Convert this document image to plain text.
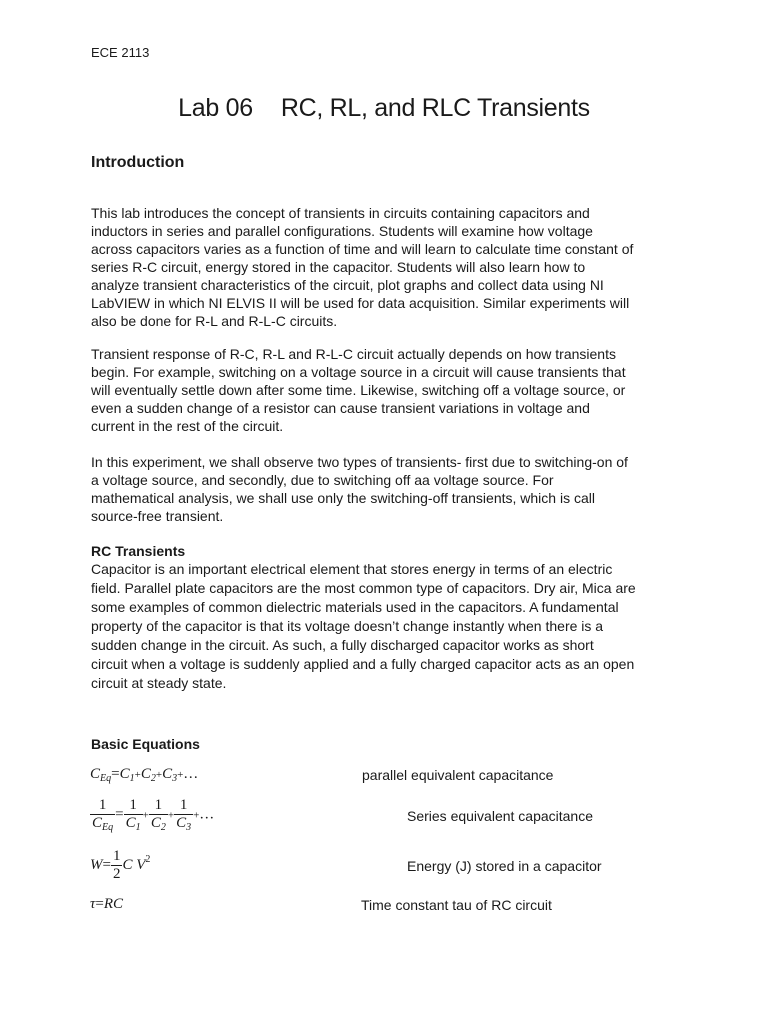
ECE 2113
Lab 06 RC, RL, and RLC Transients
Introduction

This lab introduces the concept of transients in circuits containing capacitors and
inductors in series and parallel configurations. Students will examine how voltage
across capacitors varies as a function of time and will learn to calculate time constant of
series R-C circuit, energy stored in the capacitor. Students will also learn how to
analyze transient characteristics of the circuit, plot graphs and collect data using NI
LabVIEW in which NI ELVIS II will be used for data acquisition. Similar experiments will
also be done for R-L and R-L-C circuits.

Transient response of R-C, R-L and R-L-C circuit actually depends on how transients
begin. For example, switching on a voltage source in a circuit will cause transients that
will eventually settle down after some time. Likewise, switching off a voltage source, or
even a sudden change of a resistor can cause transient variations in voltage and
current in the rest of the circuit.

In this experiment, we shall observe two types of transients- first due to switching-on of
a voltage source, and secondly, due to switching off aa voltage source. For
mathematical analysis, we shall use only the switching-off transients, which is call
source-free transient.

RC Transients

Capacitor is an important electrical element that stores energy in terms of an electric
field. Parallel plate capacitors are the most common type of capacitors. Dry air, Mica are
some examples of common dielectric materials used in the capacitors. A fundamental
property of the capacitor is that its voltage doesn’t change instantly when there is a
sudden change in the circuit. As such, a fully discharged capacitor works as short
circuit when a voltage is suddenly applied and a fully charged capacitor acts as an open
circuit at steady state.

Basic Equations
$C_{Eq}=C_1+C_2+C_3+\dots$	parallel equivalent capacitance
$\frac{1}{C_{Eq}} = \frac{1}{C_1} + \frac{1}{C_2} + \frac{1}{C_3}$ +…	Series equivalent capacitance
$W= \frac{1}{2}$ C $V^2$	Energy (J) stored in a capacitor
τ=RC	Time constant tau of RC circuit
